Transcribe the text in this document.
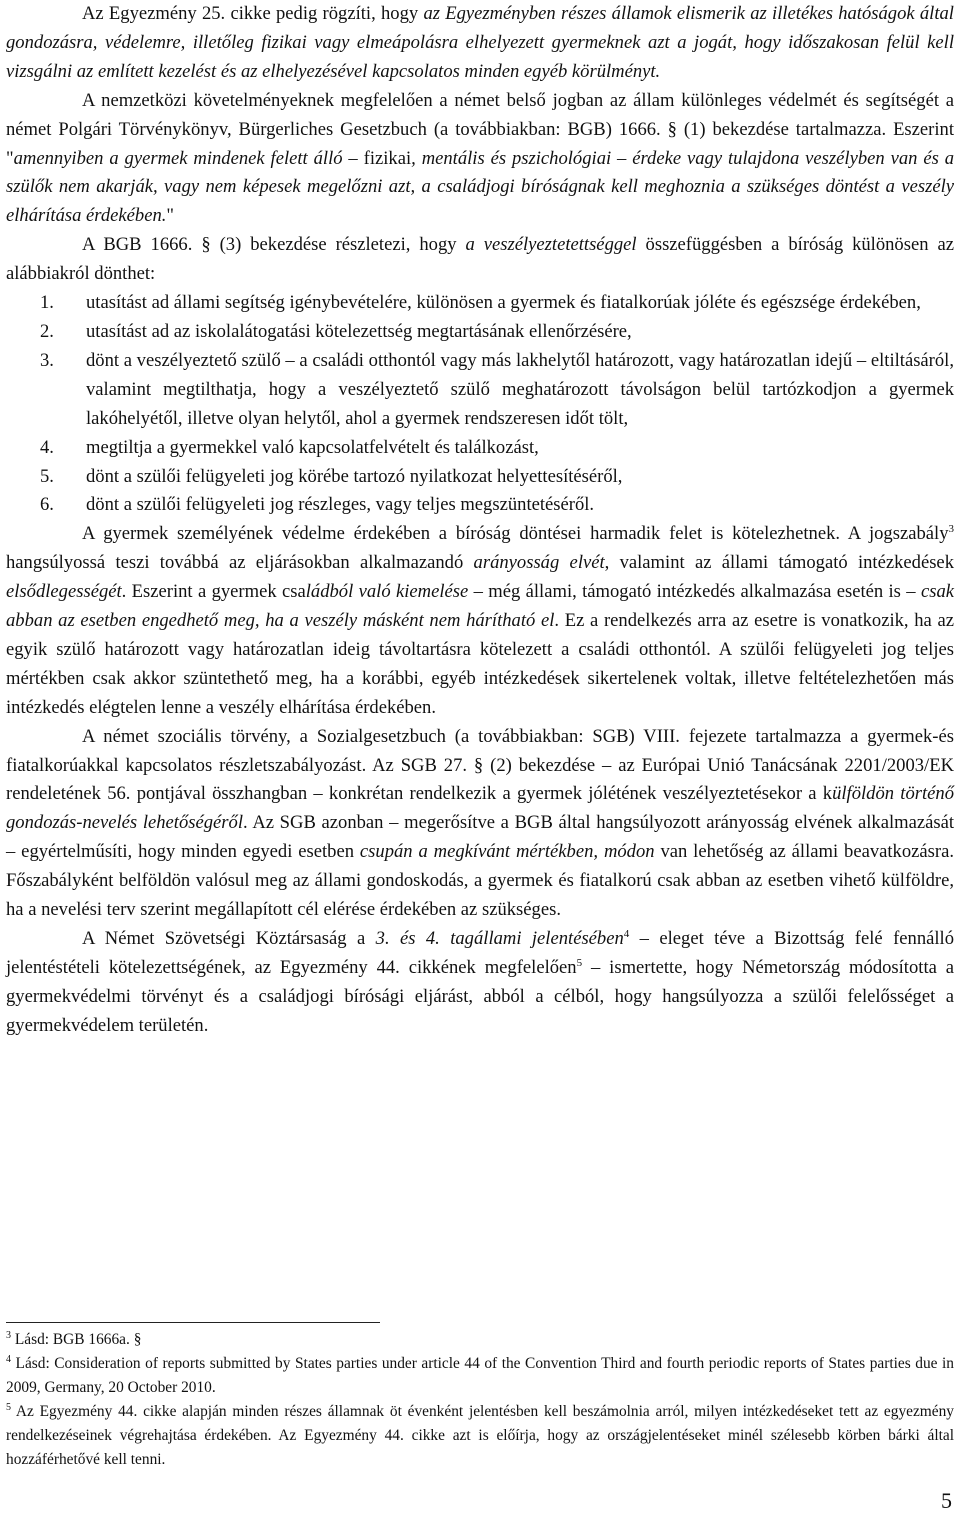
Az Egyezmény 25. cikke pedig rögzíti, hogy az Egyezményben részes államok elismerik az illetékes hatóságok által gondozásra, védelemre, illetőleg fizikai vagy elmeápolásra elhelyezett gyermeknek azt a jogát, hogy időszakosan felül kell vizsgálni az említett kezelést és az elhelyezésével kapcsolatos minden egyéb körülményt.

A nemzetközi követelményeknek megfelelően a német belső jogban az állam különleges védelmét és segítségét a német Polgári Törvénykönyv, Bürgerliches Gesetzbuch (a továbbiakban: BGB) 1666. § (1) bekezdése tartalmazza. Eszerint "amennyiben a gyermek mindenek felett álló – fizikai, mentális és pszichológiai – érdeke vagy tulajdona veszélyben van és a szülők nem akarják, vagy nem képesek megelőzni azt, a családjogi bíróságnak kell meghoznia a szükséges döntést a veszély elhárítása érdekében."

A BGB 1666. § (3) bekezdése részletezi, hogy a veszélyeztetettséggel összefüggésben a bíróság különösen az alábbiakról dönthet:

1. utasítást ad állami segítség igénybevételére, különösen a gyermek és fiatalkorúak jóléte és egészsége érdekében,
2. utasítást ad az iskolalátogatási kötelezettség megtartásának ellenőrzésére,
3. dönt a veszélyeztető szülő – a családi otthontól vagy más lakhelytől határozott, vagy határozatlan idejű – eltiltásáról, valamint megtilthatja, hogy a veszélyeztető szülő meghatározott távolságon belül tartózkodjon a gyermek lakóhelyétől, illetve olyan helytől, ahol a gyermek rendszeresen időt tölt,
4. megtiltja a gyermekkel való kapcsolatfelvételt és találkozást,
5. dönt a szülői felügyeleti jog körébe tartozó nyilatkozat helyettesítéséről,
6. dönt a szülői felügyeleti jog részleges, vagy teljes megszüntetéséről.

A gyermek személyének védelme érdekében a bíróság döntései harmadik felet is kötelezhetnek. A jogszabály$^3$ hangsúlyossá teszi továbbá az eljárásokban alkalmazandó arányosság elvét, valamint az állami támogató intézkedések elsődlegességét. Eszerint a gyermek családból való kiemelése – még állami, támogató intézkedés alkalmazása esetén is – csak abban az esetben engedhető meg, ha a veszély másként nem hárítható el. Ez a rendelkezés arra az esetre is vonatkozik, ha az egyik szülő határozott vagy határozatlan ideig távoltartásra kötelezett a családi otthontól. A szülői felügyeleti jog teljes mértékben csak akkor szüntethető meg, ha a korábbi, egyéb intézkedések sikertelenek voltak, illetve feltételezhetően más intézkedés elégtelen lenne a veszély elhárítása érdekében.

A német szociális törvény, a Sozialgesetzbuch (a továbbiakban: SGB) VIII. fejezete tartalmazza a gyermek-és fiatalkorúakkal kapcsolatos részletszabályozást. Az SGB 27. § (2) bekezdése – az Európai Unió Tanácsának 2201/2003/EK rendeletének 56. pontjával összhangban – konkrétan rendelkezik a gyermek jólétének veszélyeztetésekor a külföldön történő gondozás-nevelés lehetőségéről. Az SGB azonban – megerősítve a BGB által hangsúlyozott arányosság elvének alkalmazását – egyértelműsíti, hogy minden egyedi esetben csupán a megkívánt mértékben, módon van lehetőség az állami beavatkozásra. Főszabályként belföldön valósul meg az állami gondoskodás, a gyermek és fiatalkorú csak abban az esetben vihető külföldre, ha a nevelési terv szerint megállapított cél elérése érdekében az szükséges.

A Német Szövetségi Köztársaság a 3. és 4. tagállami jelentésében$^4$ – eleget téve a Bizottság felé fennálló jelentéstételi kötelezettségének, az Egyezmény 44. cikkének megfelelően$^5$ – ismertette, hogy Németország módosította a gyermekvédelmi törvényt és a családjogi bírósági eljárást, abból a célból, hogy hangsúlyozza a szülői felelősséget a gyermekvédelem területén.

$^3$ Lásd: BGB 1666a. §

$^4$ Lásd: Consideration of reports submitted by States parties under article 44 of the Convention Third and fourth periodic reports of States parties due in 2009, Germany, 20 October 2010.

$^5$ Az Egyezmény 44. cikke alapján minden részes államnak öt évenként jelentésben kell beszámolnia arról, milyen intézkedéseket tett az egyezmény rendelkezéseinek végrehajtása érdekében. Az Egyezmény 44. cikke azt is előírja, hogy az országjelentéseket minél szélesebb körben bárki által hozzáférhetővé kell tenni.

5
